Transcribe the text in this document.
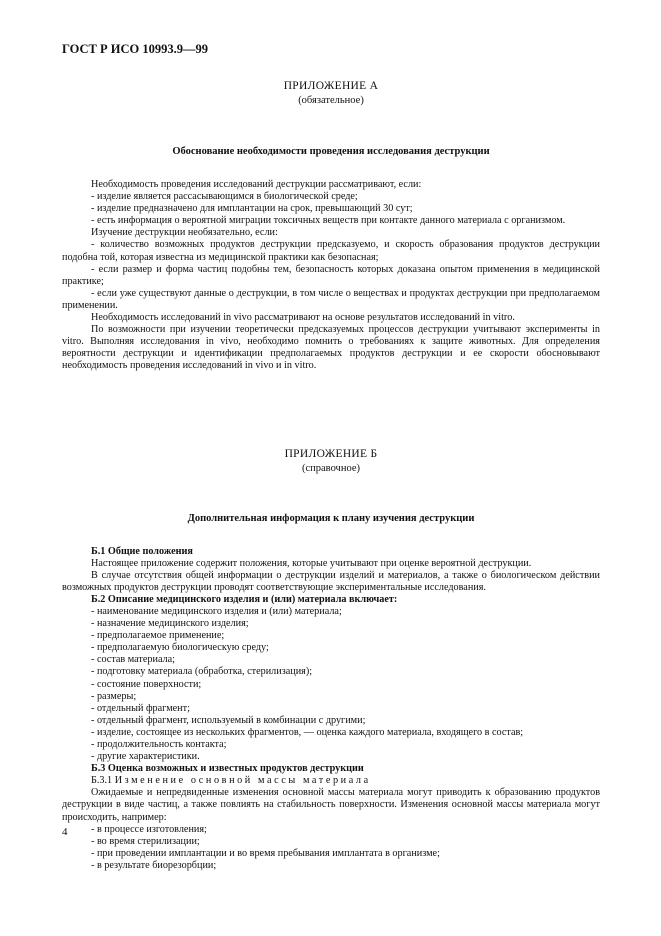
ГОСТ Р ИСО 10993.9—99
ПРИЛОЖЕНИЕ А
(обязательное)
Обоснование необходимости проведения исследования деструкции

Необходимость проведения исследований деструкции рассматривают, если:

- изделие является рассасывающимся в биологической среде;

- изделие предназначено для имплантации на срок, превышающий 30 сут;

- есть информация о вероятной миграции токсичных веществ при контакте данного материала с организмом.

Изучение деструкции необязательно, если:

- количество возможных продуктов деструкции предсказуемо, и скорость образования продуктов деструкции подобна той, которая известна из медицинской практики как безопасная;

- если размер и форма частиц подобны тем, безопасность которых доказана опытом применения в медицинской практике;

- если уже существуют данные о деструкции, в том числе о веществах и продуктах деструкции при предполагаемом применении.

Необходимость исследований in vivo рассматривают на основе результатов исследований in vitro.

По возможности при изучении теоретически предсказуемых процессов деструкции учитывают эксперименты in vitro. Выполняя исследования in vivo, необходимо помнить о требованиях к защите животных. Для определения вероятности деструкции и идентификации предполагаемых продуктов деструкции и ее скорости обосновывают необходимость проведения исследований in vivo и in vitro.

ПРИЛОЖЕНИЕ Б
(справочное)
Дополнительная информация к плану изучения деструкции

Б.1 Общие положения

Настоящее приложение содержит положения, которые учитывают при оценке вероятной деструкции.

В случае отсутствия общей информации о деструкции изделий и материалов, а также о биологическом действии возможных продуктов деструкции проводят соответствующие экспериментальные исследования.

Б.2 Описание медицинского изделия и (или) материала включает:

- наименование медицинского изделия и (или) материала;

- назначение медицинского изделия;

- предполагаемое применение;

- предполагаемую биологическую среду;

- состав материала;

- подготовку материала (обработка, стерилизация);

- состояние поверхности;

- размеры;

- отдельный фрагмент;

- отдельный фрагмент, используемый в комбинации с другими;

- изделие, состоящее из нескольких фрагментов, — оценка каждого материала, входящего в состав;

- продолжительность контакта;

- другие характеристики.

Б.3 Оценка возможных и известных продуктов деструкции

Б.3.1 Изменение основной массы материала

Ожидаемые и непредвиденные изменения основной массы материала могут приводить к образованию продуктов деструкции в виде частиц, а также повлиять на стабильность поверхности. Изменения основной массы материала могут происходить, например:

- в процессе изготовления;

- во время стерилизации;

- при проведении имплантации и во время пребывания имплантата в организме;

- в результате биорезорбции;

4
